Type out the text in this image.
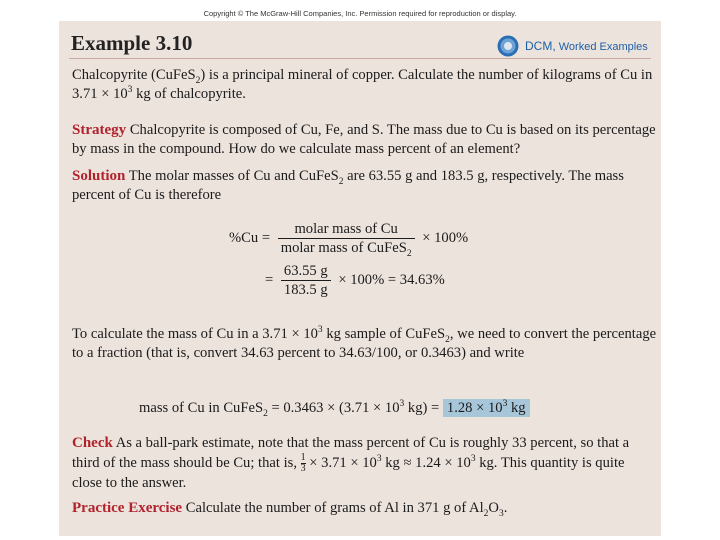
Copyright © The McGraw-Hill Companies, Inc. Permission required for reproduction or display.
Example 3.10	DCM, Worked Examples
Chalcopyrite (CuFeS$_2$) is a principal mineral of copper. Calculate the number of kilograms of Cu in $3.71 \times 10^3$ kg of chalcopyrite.
Strategy Chalcopyrite is composed of Cu, Fe, and S. The mass due to Cu is based on its percentage by mass in the compound. How do we calculate mass percent of an element?
Solution The molar masses of Cu and CuFeS$_2$ are 63.55 g and 183.5 g, respectively. The mass percent of Cu is therefore
$\%Cu = \frac{\text{molar mass of Cu}}{molar mass of CuFeS_2} \times 100\%$
= $\frac{63.55 g}{183.5 g} \times 100\% = 34.63\%$
To calculate the mass of Cu in a $3.71 \times 10^3$ kg sample of CuFeS$_2$, we need to convert the percentage to a fraction (that is, convert 34.63 percent to 34.63/100, or 0.3463) and write
mass of Cu in CuFeS$_2$ = $0.3463 \times (3.71 \times 10^3$ $kg) = 1.28 \times 10^3$ kg
Check As a ball-park estimate, note that the mass percent of Cu is roughly 33 percent, so that a third of the mass should be Cu; that is, $\frac{1}{3} \times 3.71 \times 10^3$ kg ≈ $1.24 \times 10^3$ kg. This quantity is quite close to the answer.
Practice Exercise Calculate the number of grams of Al in 371 g of $Al_2O_3$.
